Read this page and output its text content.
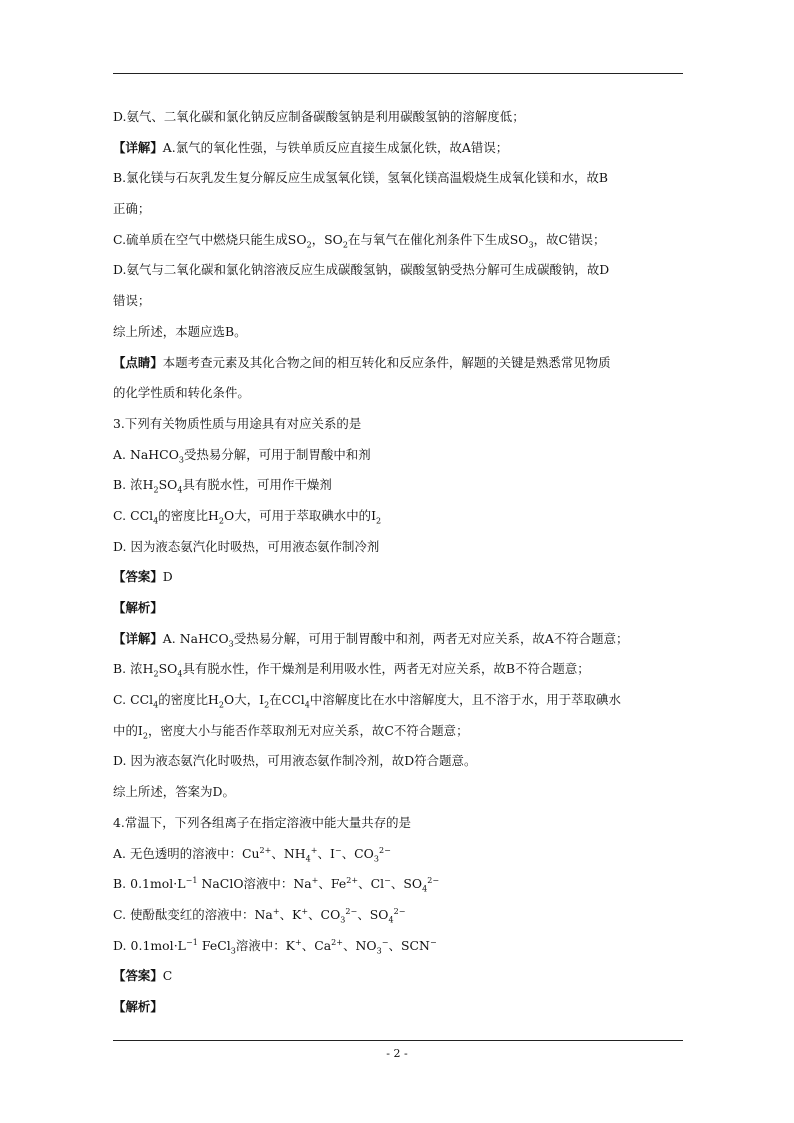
D.氨气、二氧化碳和氯化钠反应制备碳酸氢钠是利用碳酸氢钠的溶解度低；
【详解】A.氯气的氧化性强，与铁单质反应直接生成氯化铁，故A错误；
B.氯化镁与石灰乳发生复分解反应生成氢氧化镁，氢氧化镁高温煅烧生成氧化镁和水，故B
正确；
C.硫单质在空气中燃烧只能生成$SO_2$，$SO_2$在与氧气在催化剂条件下生成$SO_3$，故C错误；
D.氨气与二氧化碳和氯化钠溶液反应生成碳酸氢钠，碳酸氢钠受热分解可生成碳酸钠，故D
错误；
综上所述，本题应选B。
【点睛】本题考查元素及其化合物之间的相互转化和反应条件，解题的关键是熟悉常见物质
的化学性质和转化条件。
3.下列有关物质性质与用途具有对应关系的是
A. NaHCO$_3$受热易分解，可用于制胃酸中和剂
B. 浓$H_2SO_4$具有脱水性，可用作干燥剂
C. CCl$_4$的密度比$H_2O$大，可用于萃取碘水中的$I_2$
D. 因为液态氨汽化时吸热，可用液态氨作制冷剂
【答案】D
【解析】
【详解】A. NaHCO$_3$受热易分解，可用于制胃酸中和剂，两者无对应关系，故A不符合题意；
B. 浓$H_2SO_4$具有脱水性，作干燥剂是利用吸水性，两者无对应关系，故B不符合题意；
C. CCl$_4$的密度比$H_2O$大，$I_2$在CCl$_4$中溶解度比在水中溶解度大，且不溶于水，用于萃取碘水
中的$I_2$，密度大小与能否作萃取剂无对应关系，故C不符合题意；
D. 因为液态氨汽化时吸热，可用液态氨作制冷剂，故D符合题意。
综上所述，答案为D。
4.常温下，下列各组离子在指定溶液中能大量共存的是
A. 无色透明的溶液中：$Cu^{2+}$、$NH_4^+$、I−、$CO_3^{2-}$
B. $0.1mol\cdot L^{-1}$ NaClO溶液中：Na+、$Fe^{2+}$、Cl−、$SO_4^{2-}$
C. 使酚酞变红的溶液中：Na+、K+、$CO_3^{2-}$、$SO_4^{2-}$
D. $0.1mol\cdot L^{-1}$ FeCl$_3$溶液中：K+、$Ca^{2+}$、$NO_3^-$、SCN−
【答案】C
【解析】
- 2 -
